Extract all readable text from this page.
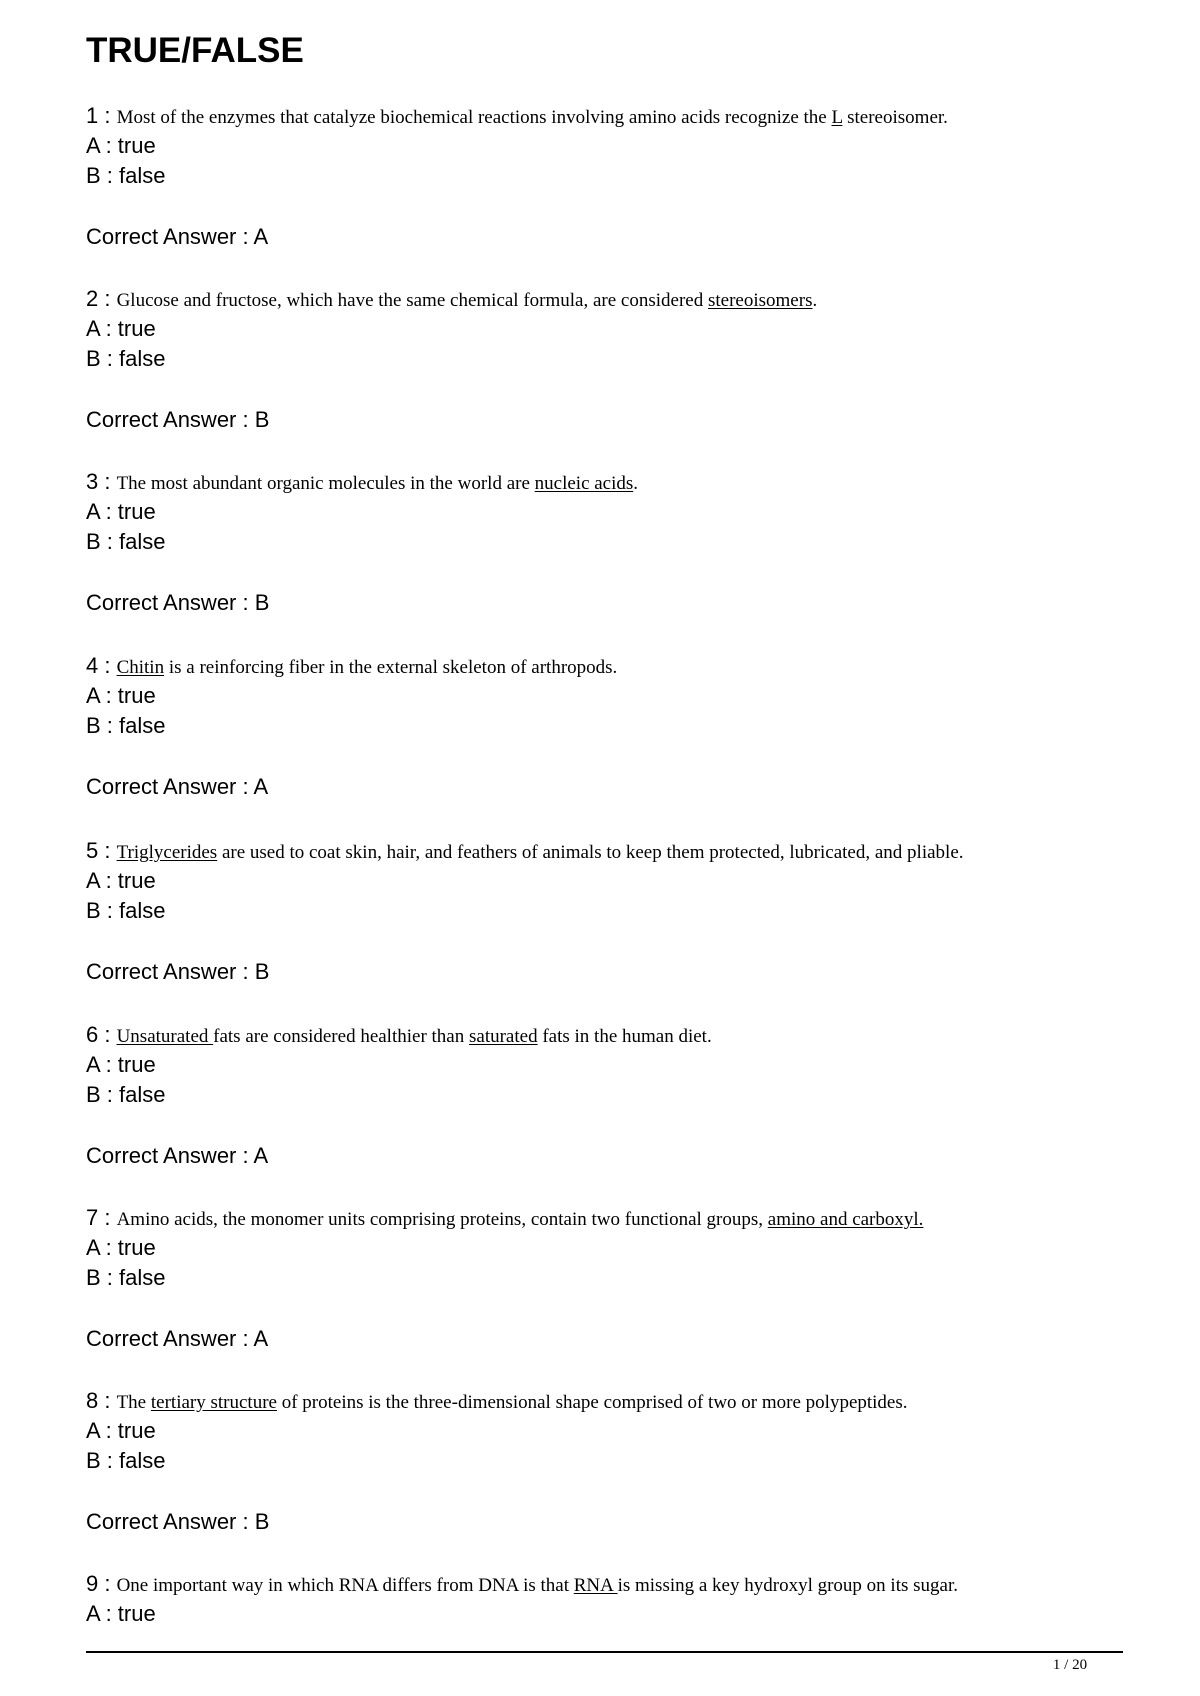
TRUE/FALSE
1 : Most of the enzymes that catalyze biochemical reactions involving amino acids recognize the L stereoisomer.
A : true
B : false
Correct Answer : A
2 : Glucose and fructose, which have the same chemical formula, are considered stereoisomers.
A : true
B : false
Correct Answer : B
3 : The most abundant organic molecules in the world are nucleic acids.
A : true
B : false
Correct Answer : B
4 : Chitin is a reinforcing fiber in the external skeleton of arthropods.
A : true
B : false
Correct Answer : A
5 : Triglycerides are used to coat skin, hair, and feathers of animals to keep them protected, lubricated, and pliable.
A : true
B : false
Correct Answer : B
6 : Unsaturated fats are considered healthier than saturated fats in the human diet.
A : true
B : false
Correct Answer : A
7 : Amino acids, the monomer units comprising proteins, contain two functional groups, amino and carboxyl.
A : true
B : false
Correct Answer : A
8 : The tertiary structure of proteins is the three-dimensional shape comprised of two or more polypeptides.
A : true
B : false
Correct Answer : B
9 : One important way in which RNA differs from DNA is that RNA is missing a key hydroxyl group on its sugar.
A : true
1 / 20
